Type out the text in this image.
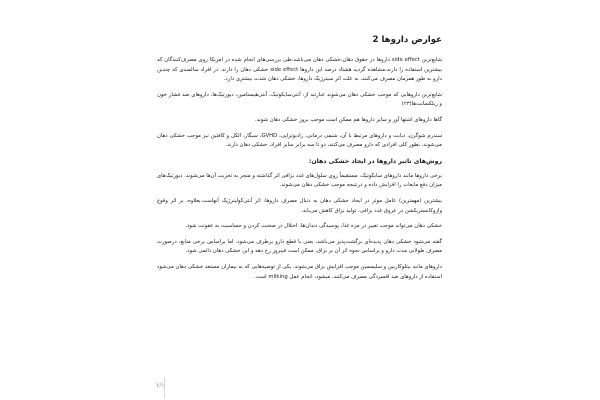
عوارض داروها 2

شایع‌ترین side effect داروها در حقوق دهان،خشکی دهان می‌باشد.طی بررسی‌های انجام شده در امریکا روی مصرف‌کنندگان که بیشترین استفاده را دارند،مشاهده گردید هشتاد درصد این داروها side effect خشکی دهان را دارند. در افراد سالمندی که چندین دارو به طور همزمان مصرف می‌کنند، به علت اثر سینرژیک داروها، خشکی دهان شدت بیشتری دارد.

شایع‌ترین داروهایی که موجب خشکی دهان می‌شوند عبارتند از: آنتی‌سایکوتیک، آنتی‌هیستامین، دیورتیک‌ها، داروهای ضد فشار خون و ریلکسانت‌ها(۲۳)

گاها داروهای اشتها آور و سایر داروها هم ممکن است موجب بروز خشکی دهان شوند.

سندرم شوگرن، دیابت و داروهای مرتبط با آن، شیمی درمانی، رادیوتراپی، GVHD، سیگار، الکل و کافئین نیز موجب خشکی دهان می‌شوند. بطور کلی افرادی که دارو مصرف می‌کنند، دو تا سه برابر سایر افراد، خشکی دهان دارند.

روش‌های تاثیر داروها در ایجاد خشکی دهان:

برخی داروها مانند داروهای سایکوتیک، مستقیماً روی سلول‌های غدد بزاقی اثر گذاشته و منجر به تخریب آن‌ها می‌شوند. دیورتیک‌های میزان دفع مایعات را افزایش داده و درنتیجه موجب خشکی دهان می‌شوند.

بیشترین (مهمترین) عامل موثر در ایجاد خشکی دهان به دنبال مصرف داروها، اثر آنتی‌کولینرژیک آنهاست.بعلاوه، بر اثر وقوع وازوکانستریکشن در عروق غدد بزاقی، تولید بزاق کاهش می‌یابد.

خشکی دهان می‌تواند موجب تغییر در مزه غذا، پوسیدگی دندان‌ها، اختلال در صحبت کردن و حساسیت به عفونت شود.

گفته می‌شود خشکی دهان پدیده‌ای برگشت‌پذیر می‌باشد، یعنی با قطع دارو برطرف می‌شود. اما براساس برخی منابع، درصورت مصرف طولانی مدت دارو و براساس نحوه اثر آن بر بزاق، ممکن است فیبروز رخ دهد و این خشکی دهان دائمی شود.

داروهای مانند بیتلوکاربین و سلیمسین موجب افزایش بزاق می‌شوند. یکی از توصیه‌هایی که به بیماران مستعد خشکی دهان می‌شود استفاده از داروهای ضد افسردگی مصرف می‌کنند، میشود، انجام عمل milking است.

۷/۱
